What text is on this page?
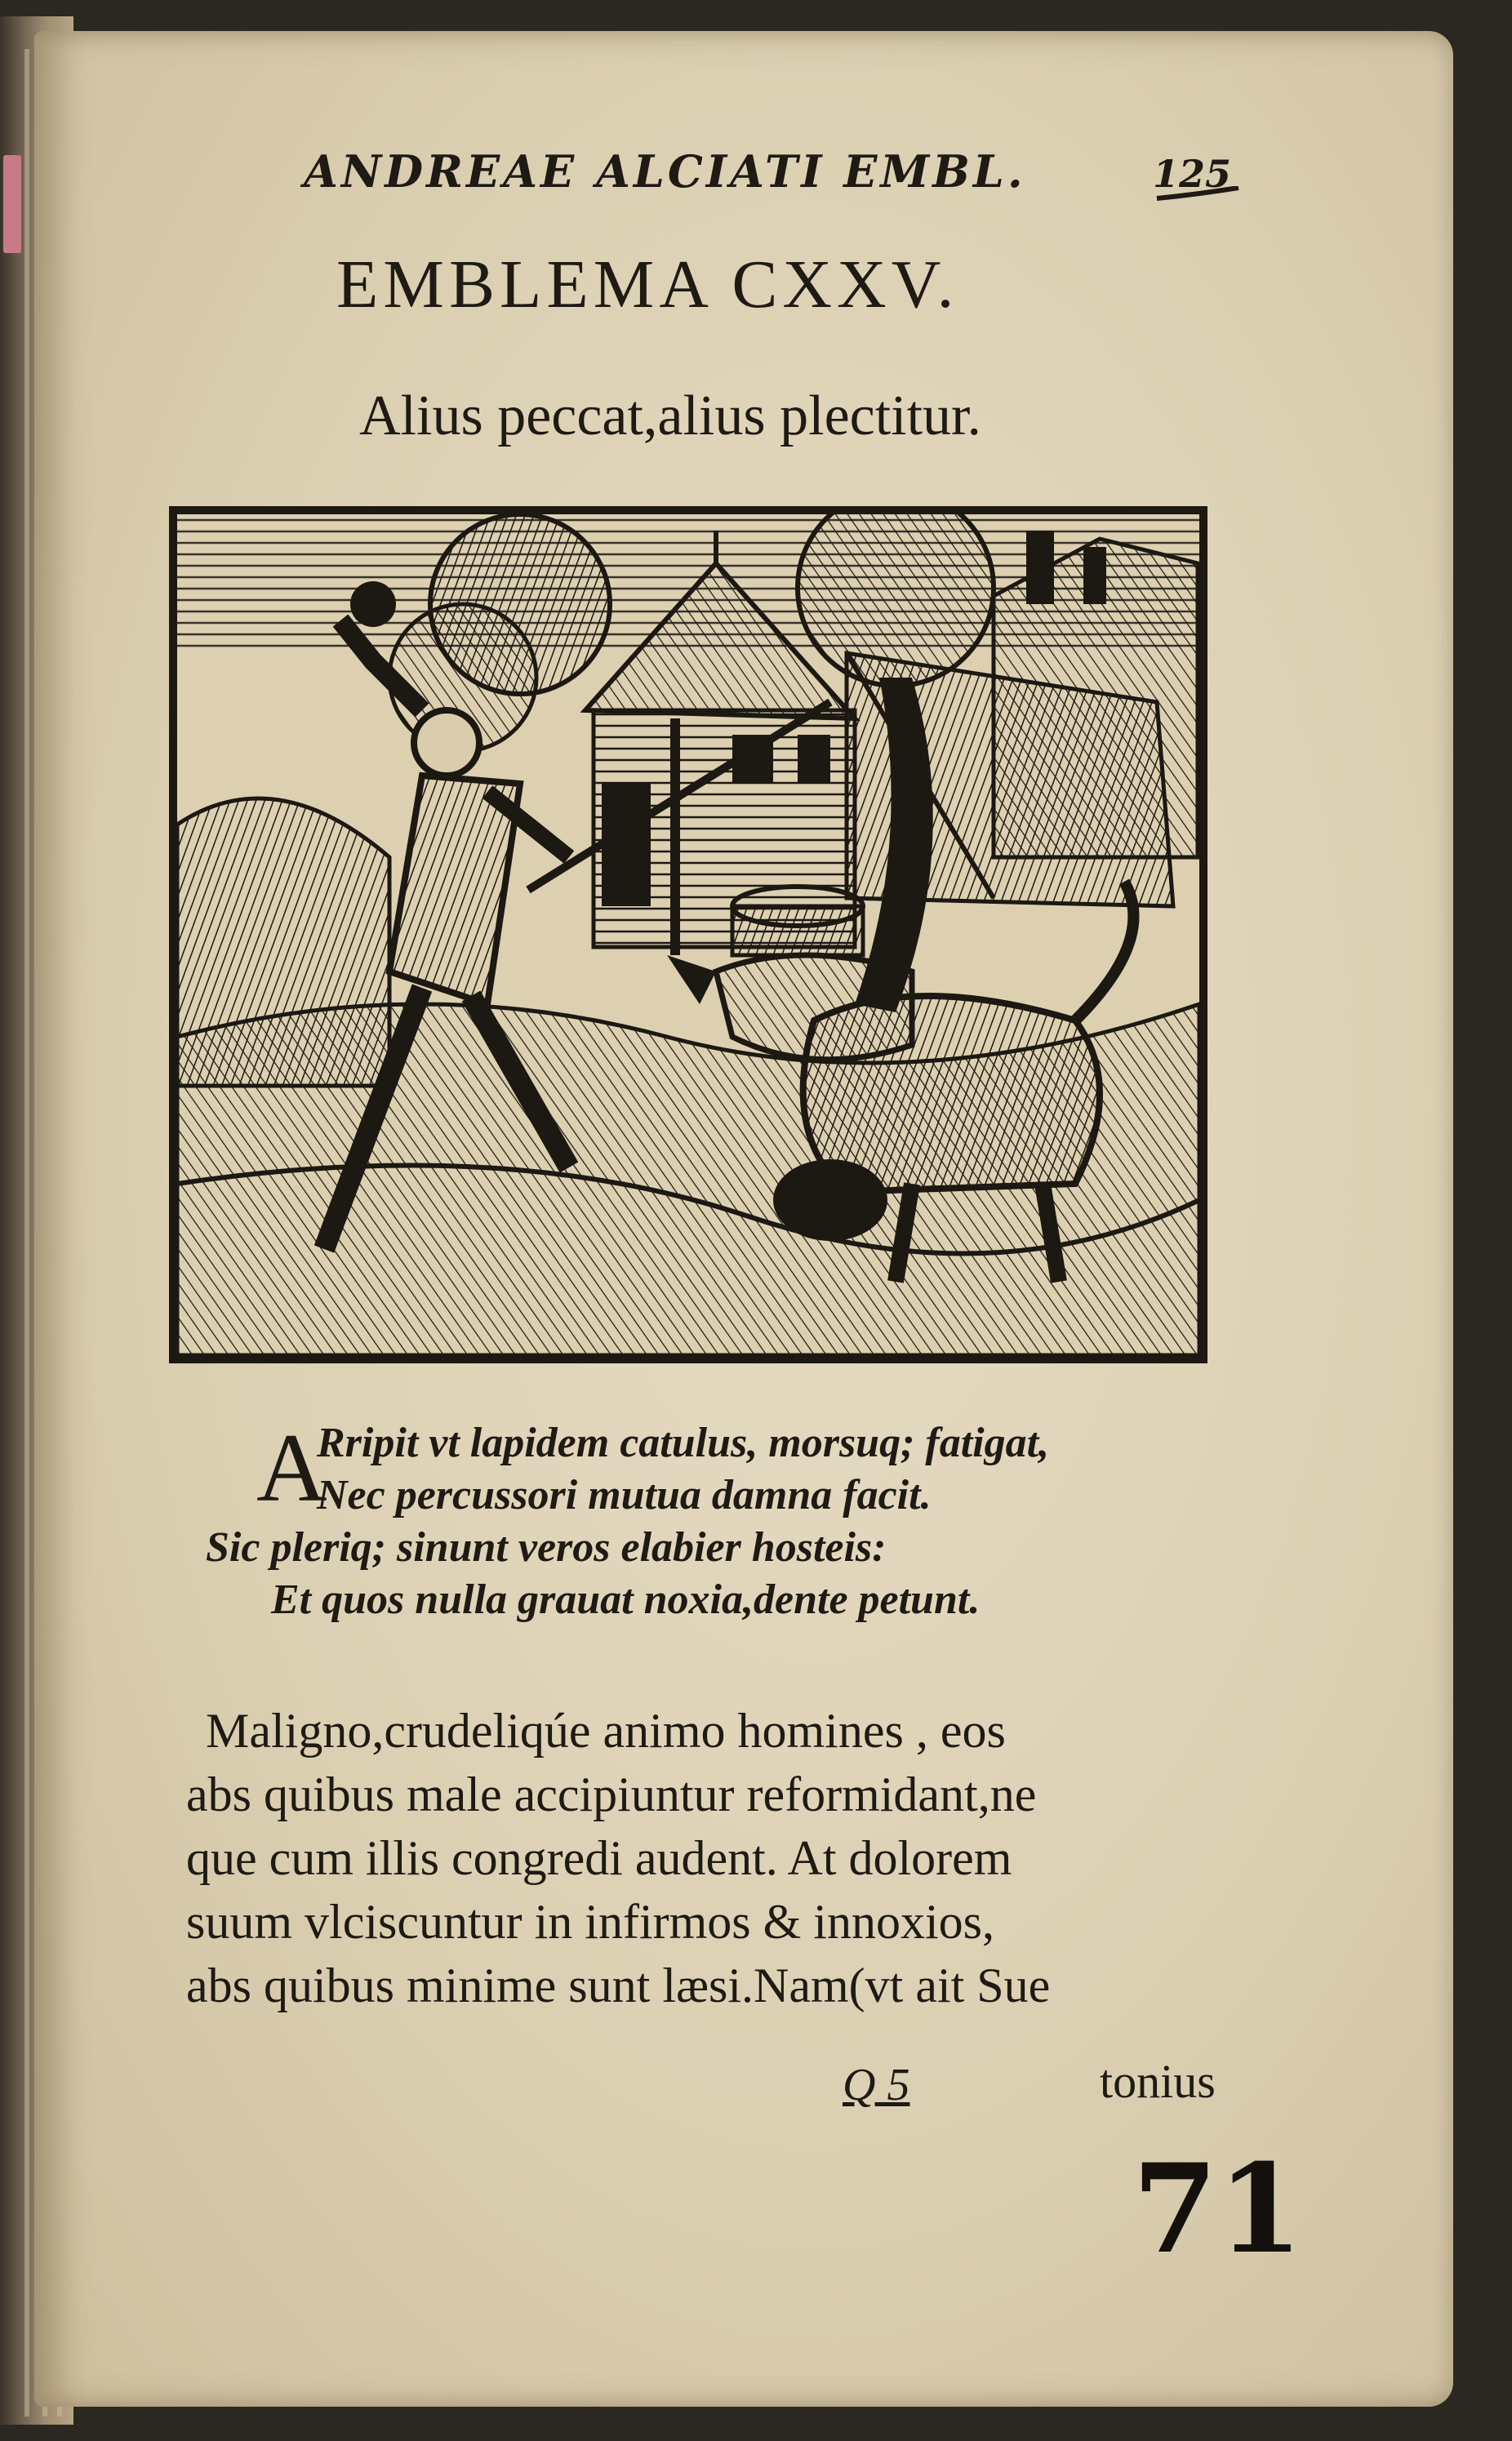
ANDREAE ALCIATI EMBL.	125
EMBLEMA CXXV.
Alius peccat,alius plectitur.
A
Rripit vt lapidem catulus, morsuq; fatigat,
Nec percussori mutua damna facit.
Sic pleriq; sinunt veros elabier hosteis:
Et quos nulla grauat noxia,dente petunt.
Maligno,crudeliqúe animo homines , eos
abs quibus male accipiuntur reformidant,ne
que cum illis congredi audent. At dolorem
suum vlciscuntur in infirmos & innoxios,
abs quibus minime sunt læsi.Nam(vt ait Sue
Q 5	tonius
71
